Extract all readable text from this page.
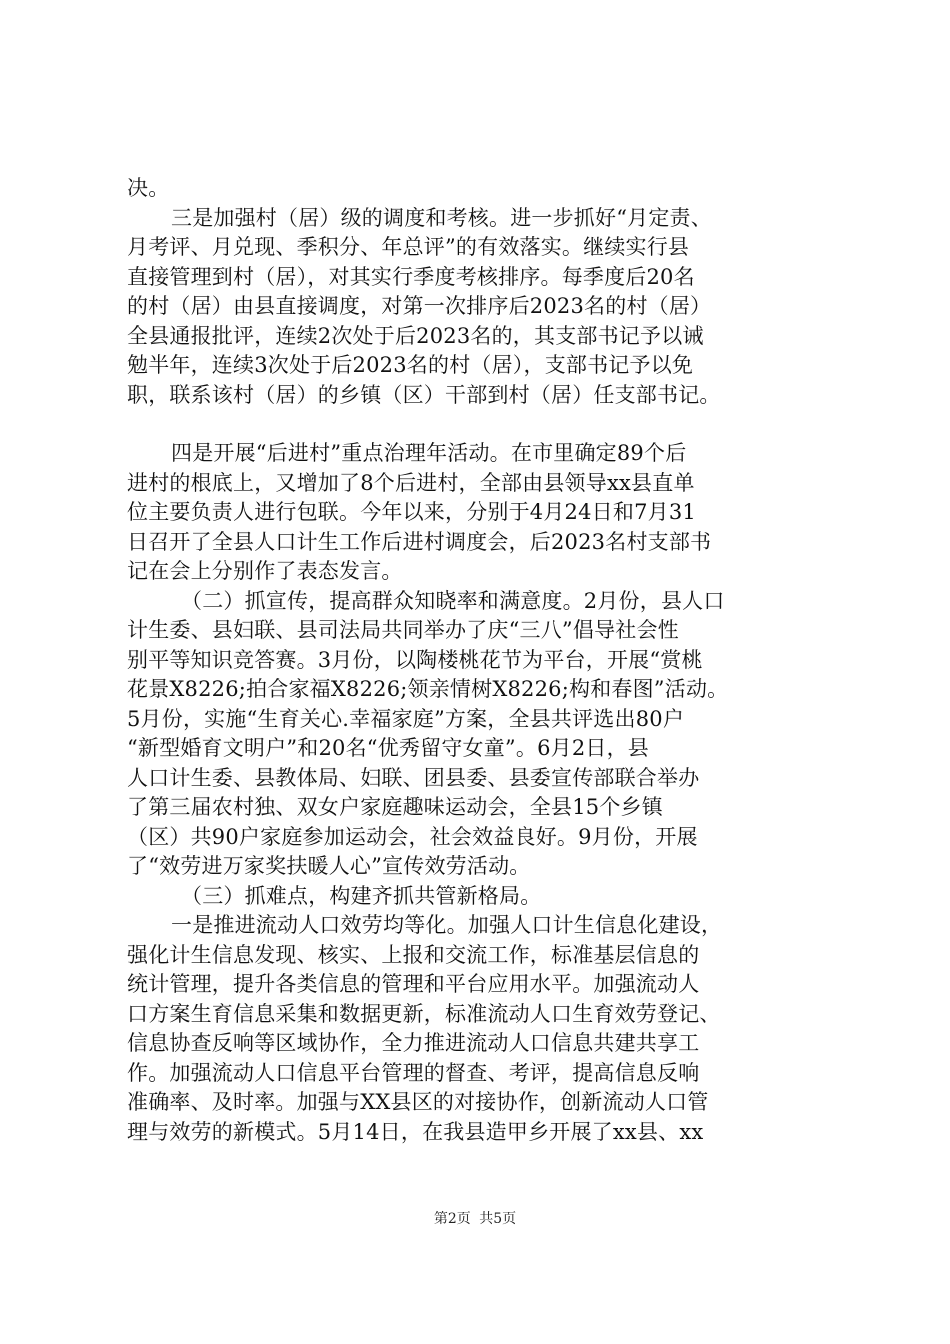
决。
三是加强村（居）级的调度和考核。进一步抓好“月定责、
月考评、月兑现、季积分、年总评”的有效落实。继续实行县
直接管理到村（居），对其实行季度考核排序。每季度后20名
的村（居）由县直接调度，对第一次排序后2023名的村（居）
全县通报批评，连续2次处于后2023名的，其支部书记予以诫
勉半年，连续3次处于后2023名的村（居），支部书记予以免
职，联系该村（居）的乡镇（区）干部到村（居）任支部书记。
四是开展“后进村”重点治理年活动。在市里确定89个后
进村的根底上，又增加了8个后进村，全部由县领导xx县直单
位主要负责人进行包联。今年以来，分别于4月24日和7月31
日召开了全县人口计生工作后进村调度会，后2023名村支部书
记在会上分别作了表态发言。
（二）抓宣传，提高群众知晓率和满意度。2月份，县人口
计生委、县妇联、县司法局共同举办了庆“三八”倡导社会性
别平等知识竞答赛。3月份，以陶楼桃花节为平台，开展“赏桃
花景X8226;拍合家福X8226;领亲情树X8226;构和春图”活动。
5月份，实施“生育关心.幸福家庭”方案，全县共评选出80户
“新型婚育文明户”和20名“优秀留守女童”。6月2日，县
人口计生委、县教体局、妇联、团县委、县委宣传部联合举办
了第三届农村独、双女户家庭趣味运动会，全县15个乡镇
（区）共90户家庭参加运动会，社会效益良好。9月份，开展
了“效劳进万家奖扶暖人心”宣传效劳活动。
（三）抓难点，构建齐抓共管新格局。
一是推进流动人口效劳均等化。加强人口计生信息化建设，
强化计生信息发现、核实、上报和交流工作，标准基层信息的
统计管理，提升各类信息的管理和平台应用水平。加强流动人
口方案生育信息采集和数据更新，标准流动人口生育效劳登记、
信息协查反响等区域协作，全力推进流动人口信息共建共享工
作。加强流动人口信息平台管理的督查、考评，提高信息反响
准确率、及时率。加强与XX县区的对接协作，创新流动人口管
理与效劳的新模式。5月14日，在我县造甲乡开展了xx县、xx
第2页 共5页
